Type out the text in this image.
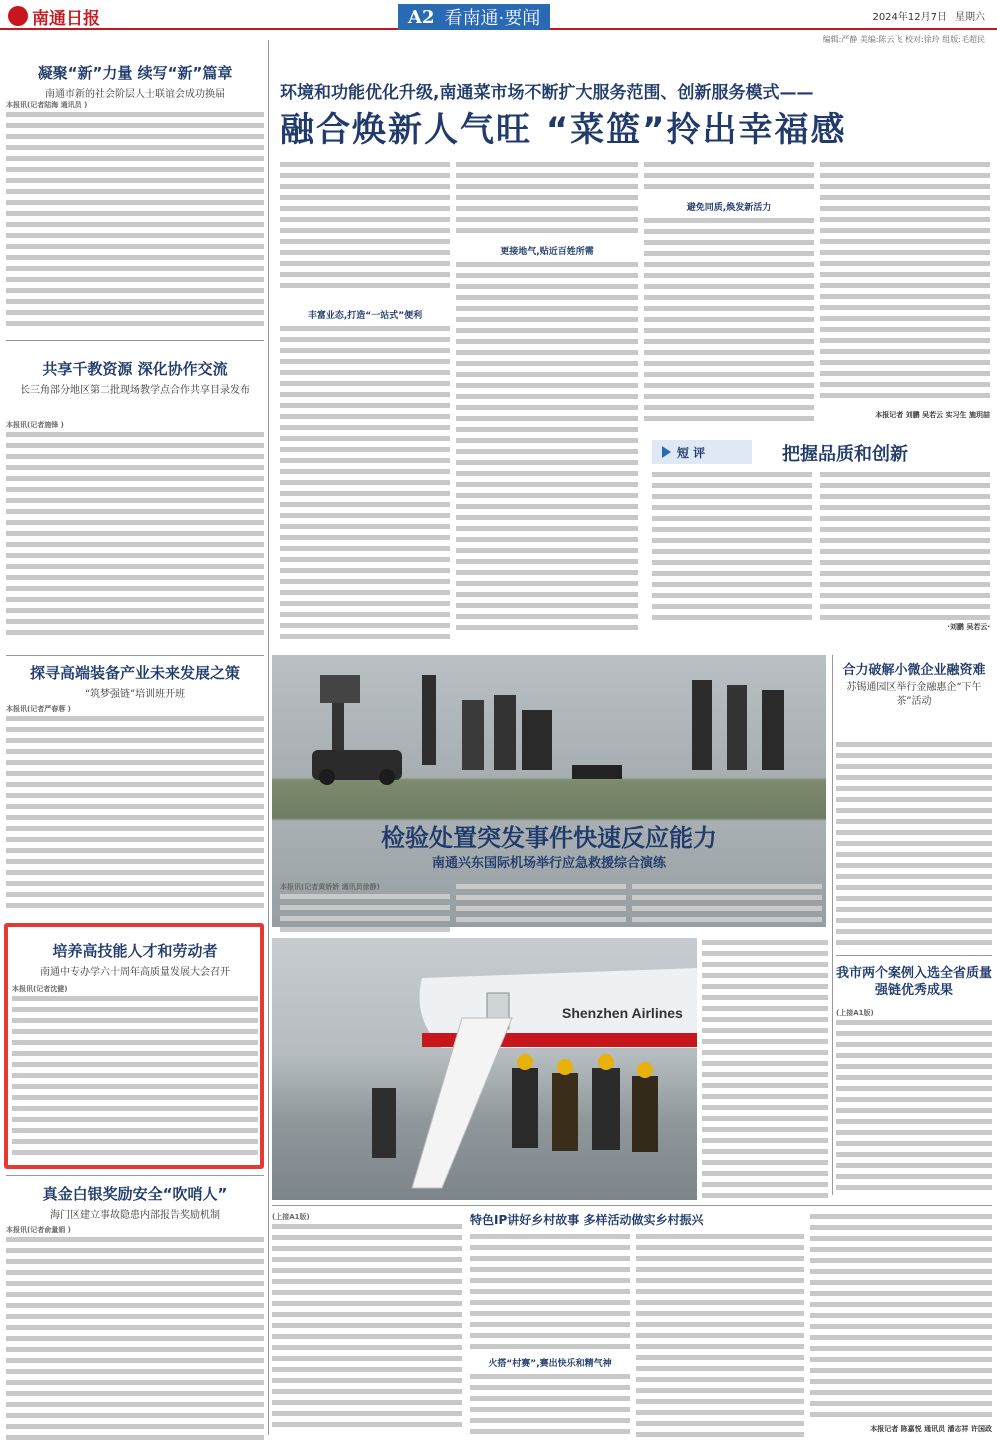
南通日报	A2 看南通·要闻	2024年12月7日 星期六
编辑:严静 美编:陈云飞 校对:徐玲 组版:毛超民
凝聚“新”力量 续写“新”篇章
南通市新的社会阶层人士联谊会成功换届
本报讯(记者陆海 通讯员 )
共享千教资源 深化协作交流
长三角部分地区第二批现场教学点合作共享目录发布
本报讯(记者施锋 )
探寻高端装备产业未来发展之策
“筑梦强链”培训班开班
本报讯(记者严春蓉 )
培养高技能人才和劳动者
南通中专办学六十周年高质量发展大会召开
本报讯(记者沈健)
真金白银奖励安全“吹哨人”
海门区建立事故隐患内部报告奖励机制
本报讯(记者俞量娟 )
环境和功能优化升级,南通菜市场不断扩大服务范围、创新服务模式——
融合焕新人气旺 “菜篮”拎出幸福感
丰富业态,打造“一站式”便利
更接地气,贴近百姓所需
避免同质,焕发新活力
本报记者 刘鹏 吴若云 实习生 施玥喆
短 评	把握品质和创新
·刘鹏 吴若云·
检验处置突发事件快速反应能力
南通兴东国际机场举行应急救援综合演练
本报讯(记者黄娇娇 通讯员徐静)
Shenzhen Airlines
合力破解小微企业融资难
苏锡通园区举行金融惠企“下午茶”活动
我市两个案例入选全省质量强链优秀成果
(上接A1版)
(上接A1版)	特色IP讲好乡村故事 多样活动做实乡村振兴
火搭“村赛”,赛出快乐和精气神
本报记者 陈嘉悦 通讯员 潘志祥 许国政
